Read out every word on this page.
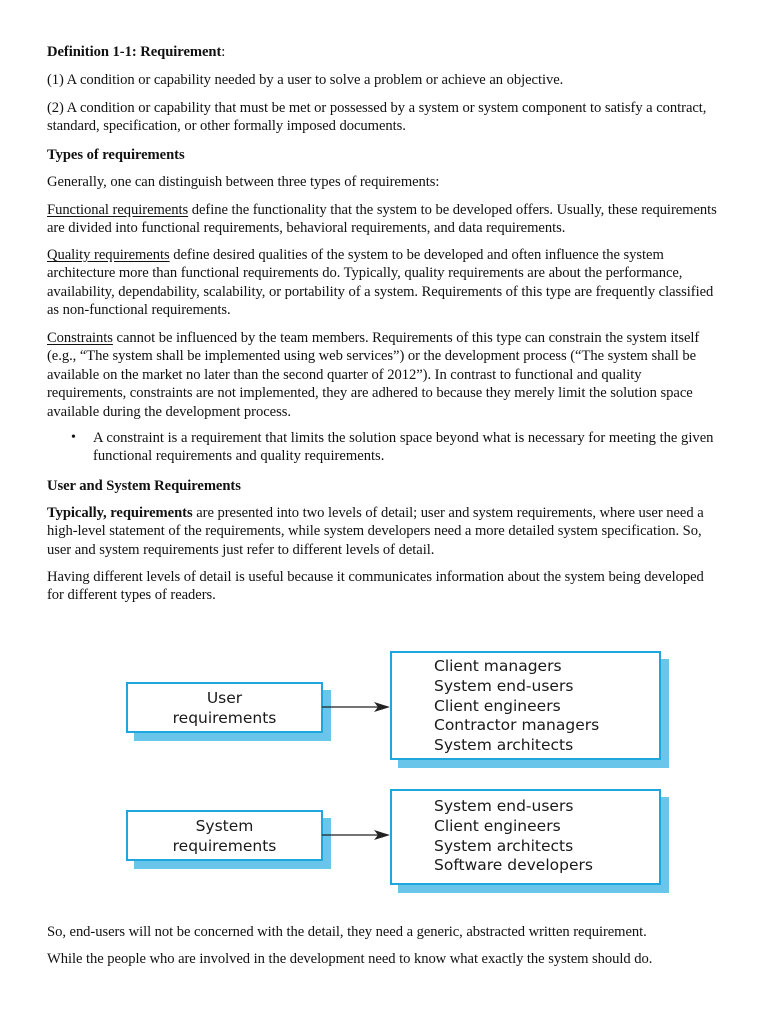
Definition 1-1: Requirement:

(1) A condition or capability needed by a user to solve a problem or achieve an objective.

(2) A condition or capability that must be met or possessed by a system or system component to satisfy a contract, standard, specification, or other formally imposed documents.

Types of requirements

Generally, one can distinguish between three types of requirements:

Functional requirements define the functionality that the system to be developed offers. Usually, these requirements are divided into functional requirements, behavioral requirements, and data requirements.

Quality requirements define desired qualities of the system to be developed and often influence the system architecture more than functional requirements do. Typically, quality requirements are about the performance, availability, dependability, scalability, or portability of a system. Requirements of this type are frequently classified as non-functional requirements.

Constraints cannot be influenced by the team members. Requirements of this type can constrain the system itself (e.g., “The system shall be implemented using web services”) or the development process (“The system shall be available on the market no later than the second quarter of 2012”). In contrast to functional and quality requirements, constraints are not implemented, they are adhered to because they merely limit the solution space available during the development process.

• A constraint is a requirement that limits the solution space beyond what is necessary for meeting the given functional requirements and quality requirements.

User and System Requirements

Typically, requirements are presented into two levels of detail; user and system requirements, where user need a high-level statement of the requirements, while system developers need a more detailed system specification. So, user and system requirements just refer to different levels of detail.

Having different levels of detail is useful because it communicates information about the system being developed for different types of readers.

User
requirements
Client managers
System end-users
Client engineers
Contractor managers
System architects
System
requirements
System end-users
Client engineers
System architects
Software developers

So, end-users will not be concerned with the detail, they need a generic, abstracted written requirement.

While the people who are involved in the development need to know what exactly the system should do.
